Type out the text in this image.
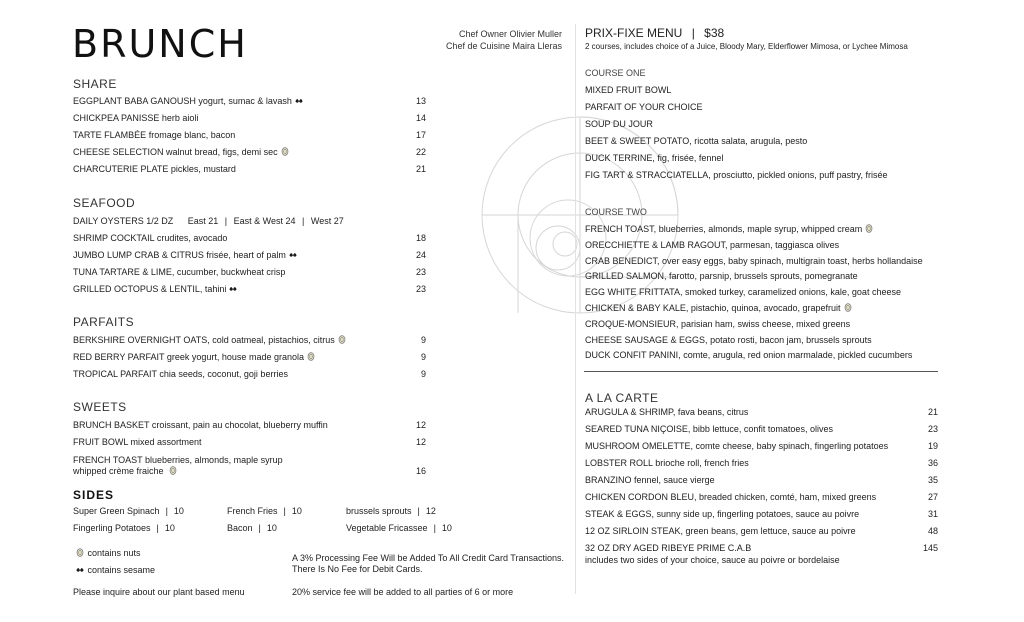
BRUNCH	Chef Owner Olivier Muller
Chef de Cuisine Maira Lleras
SHARE
EGGPLANT BABA GANOUSH yogurt, sumac & lavash	13
CHICKPEA PANISSE herb aioli	14
TARTE FLAMBÉE fromage blanc, bacon	17
CHEESE SELECTION walnut bread, figs, demi sec	22
CHARCUTERIE PLATE pickles, mustard	21
SEAFOOD
DAILY OYSTERS 1/2 DZ East 21 | East & West 24 | West 27
SHRIMP COCKTAIL crudites, avocado	18
JUMBO LUMP CRAB & CITRUS frisée, heart of palm	24
TUNA TARTARE & LIME, cucumber, buckwheat crisp	23
GRILLED OCTOPUS & LENTIL, tahini	23
PARFAITS
BERKSHIRE OVERNIGHT OATS, cold oatmeal, pistachios, citrus	9
RED BERRY PARFAIT greek yogurt, house made granola	9
TROPICAL PARFAIT chia seeds, coconut, goji berries	9
SWEETS
BRUNCH BASKET croissant, pain au chocolat, blueberry muffin	12
FRUIT BOWL mixed assortment	12
FRENCH TOAST blueberries, almonds, maple syrup
whipped crème fraiche	16
SIDES
Super Green Spinach | 10	French Fries | 10	brussels sprouts | 12
Fingerling Potatoes | 10	Bacon | 10	Vegetable Fricassee | 10
contains nuts
contains sesame
Please inquire about our plant based menu
A 3% Processing Fee Will be Added To All Credit Card Transactions.
There Is No Fee for Debit Cards.
20% service fee will be added to all parties of 6 or more
PRIX-FIXE MENU | $38
2 courses, includes choice of a Juice, Bloody Mary, Elderflower Mimosa, or Lychee Mimosa
COURSE ONE
MIXED FRUIT BOWL
PARFAIT OF YOUR CHOICE
SOUP DU JOUR
BEET & SWEET POTATO, ricotta salata, arugula, pesto
DUCK TERRINE, fig, frisée, fennel
FIG TART & STRACCIATELLA, prosciutto, pickled onions, puff pastry, frisée
COURSE TWO
FRENCH TOAST, blueberries, almonds, maple syrup, whipped cream
ORECCHIETTE & LAMB RAGOUT, parmesan, taggiasca olives
CRAB BENEDICT, over easy eggs, baby spinach, multigrain toast, herbs hollandaise
GRILLED SALMON, farotto, parsnip, brussels sprouts, pomegranate
EGG WHITE FRITTATA, smoked turkey, caramelized onions, kale, goat cheese
CHICKEN & BABY KALE, pistachio, quinoa, avocado, grapefruit
CROQUE-MONSIEUR, parisian ham, swiss cheese, mixed greens
CHEESE SAUSAGE & EGGS, potato rosti, bacon jam, brussels sprouts
DUCK CONFIT PANINI, comte, arugula, red onion marmalade, pickled cucumbers
A LA CARTE
ARUGULA & SHRIMP, fava beans, citrus	21
SEARED TUNA NIÇOISE, bibb lettuce, confit tomatoes, olives	23
MUSHROOM OMELETTE, comte cheese, baby spinach, fingerling potatoes	19
LOBSTER ROLL brioche roll, french fries	36
BRANZINO fennel, sauce vierge	35
CHICKEN CORDON BLEU, breaded chicken, comté, ham, mixed greens	27
STEAK & EGGS, sunny side up, fingerling potatoes, sauce au poivre	31
12 OZ SIRLOIN STEAK, green beans, gem lettuce, sauce au poivre	48
32 OZ DRY AGED RIBEYE PRIME C.A.B	145
includes two sides of your choice, sauce au poivre or bordelaise
